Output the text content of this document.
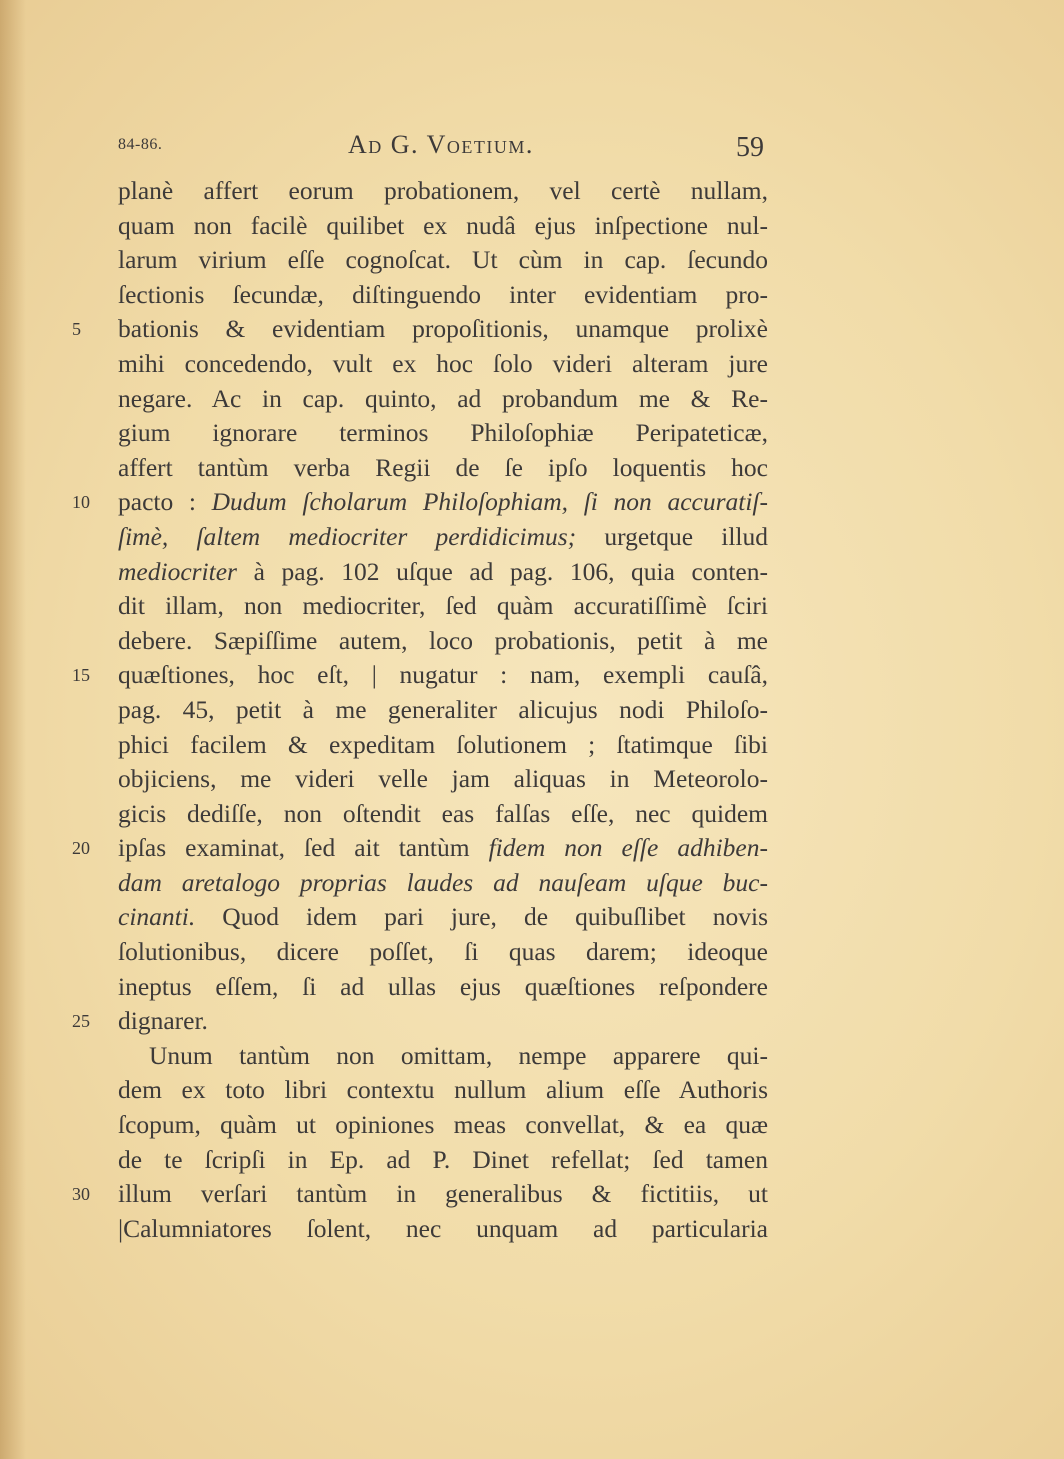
84-86.	Ad G. Voetium.	59
planè affert eorum probationem, vel certè nullam,
quam non facilè quilibet ex nudâ ejus inſpectione nul-
larum virium eſſe cognoſcat. Ut cùm in cap. ſecundo
ſectionis ſecundæ, diſtinguendo inter evidentiam pro-
5	bationis & evidentiam propoſitionis, unamque prolixè
mihi concedendo, vult ex hoc ſolo videri alteram jure
negare. Ac in cap. quinto, ad probandum me & Re-
gium ignorare terminos Philoſophiæ Peripateticæ,
affert tantùm verba Regii de ſe ipſo loquentis hoc
10	pacto : Dudum ſcholarum Philoſophiam, ſi non accuratiſ-
ſimè, ſaltem mediocriter perdidicimus; urgetque illud
mediocriter à pag. 102 uſque ad pag. 106, quia conten-
dit illam, non mediocriter, ſed quàm accuratiſſimè ſciri
debere. Sæpiſſime autem, loco probationis, petit à me
15	quæſtiones, hoc eſt, | nugatur : nam, exempli cauſâ,
pag. 45, petit à me generaliter alicujus nodi Philoſo-
phici facilem & expeditam ſolutionem ; ſtatimque ſibi
objiciens, me videri velle jam aliquas in Meteorolo-
gicis dediſſe, non oſtendit eas falſas eſſe, nec quidem
20	ipſas examinat, ſed ait tantùm fidem non eſſe adhiben-
dam aretalogo proprias laudes ad nauſeam uſque buc-
cinanti. Quod idem pari jure, de quibuſlibet novis
ſolutionibus, dicere poſſet, ſi quas darem; ideoque
ineptus eſſem, ſi ad ullas ejus quæſtiones reſpondere
25	dignarer.
Unum tantùm non omittam, nempe apparere qui-
dem ex toto libri contextu nullum alium eſſe Authoris
ſcopum, quàm ut opiniones meas convellat, & ea quæ
de te ſcripſi in Ep. ad P. Dinet refellat; ſed tamen
30	illum verſari tantùm in generalibus & fictitiis, ut
|Calumniatores ſolent, nec unquam ad particularia
